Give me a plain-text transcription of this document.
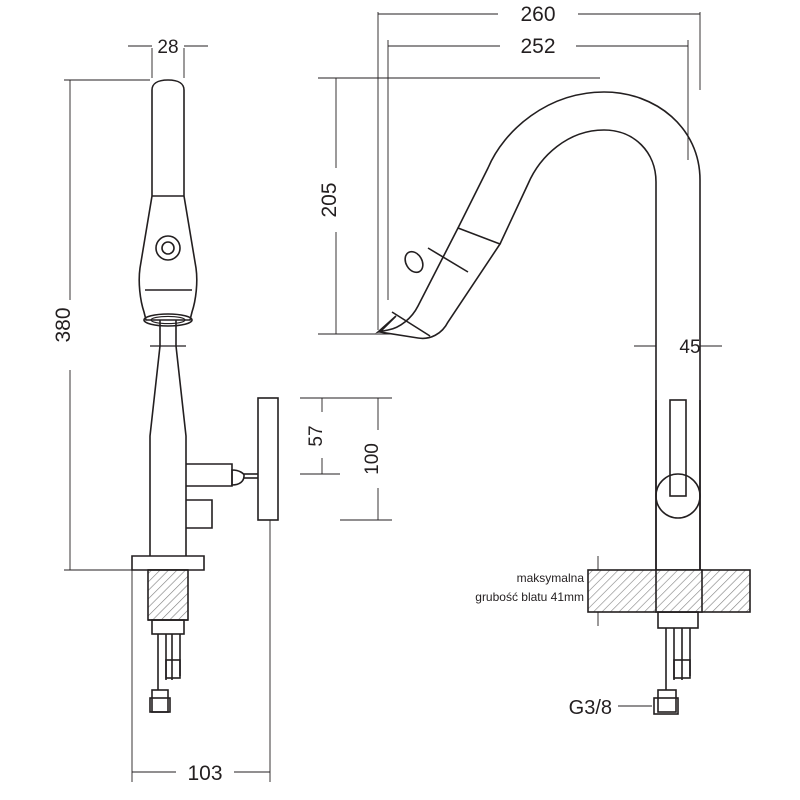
28
380
103
57
100
260
252
205
45
maksymalna
grubość blatu 41mm
G3/8
